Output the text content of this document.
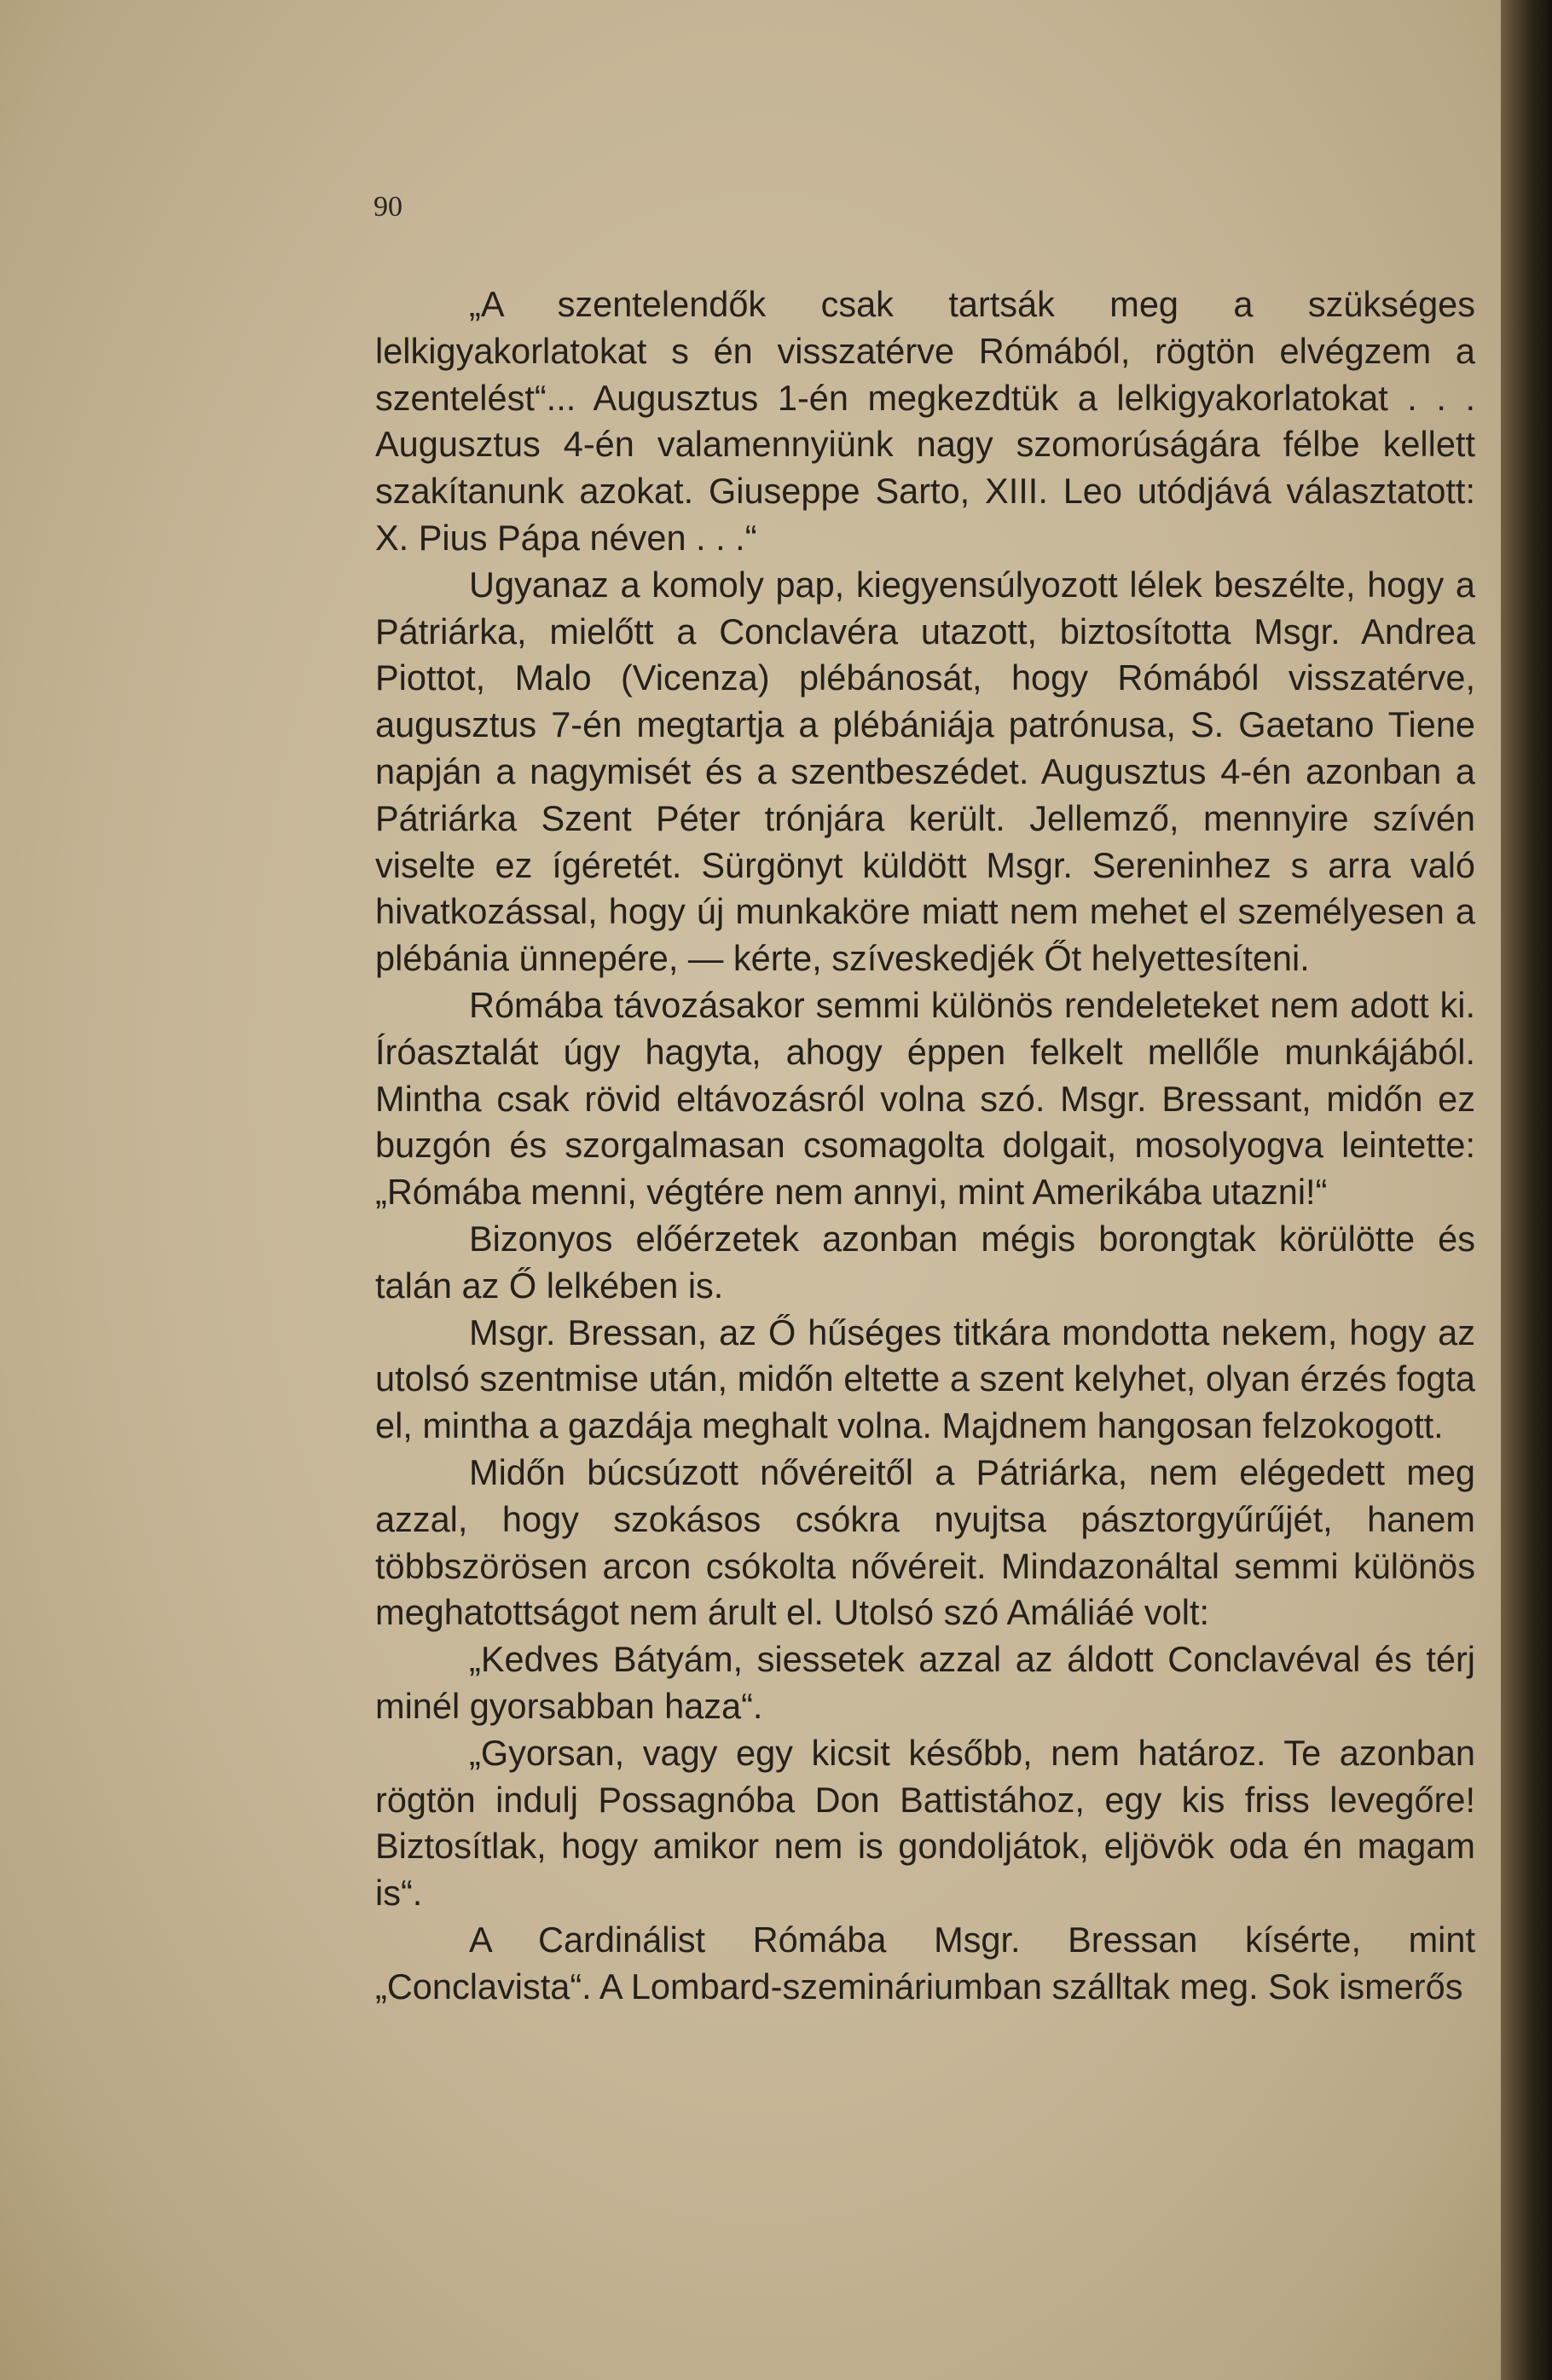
90

„A szentelendők csak tartsák meg a szükséges lelkigyakorlatokat s én visszatérve Rómából, rögtön elvégzem a szentelést“... Augusztus 1-én megkezdtük a lelkigyakorlatokat . . . Augusztus 4-én valamennyiünk nagy szomorúságára félbe kellett szakítanunk azokat. Giuseppe Sarto, XIII. Leo utódjává választatott: X. Pius Pápa néven . . .“

Ugyanaz a komoly pap, kiegyensúlyozott lélek beszélte, hogy a Pátriárka, mielőtt a Conclavéra utazott, biztosította Msgr. Andrea Piottot, Malo (Vicenza) plébánosát, hogy Rómából visszatérve, augusztus 7-én megtartja a plébániája patrónusa, S. Gaetano Tiene napján a nagymisét és a szentbeszédet. Augusztus 4-én azonban a Pátriárka Szent Péter trónjára került. Jellemző, mennyire szívén viselte ez ígéretét. Sürgönyt küldött Msgr. Sereninhez s arra való hivatkozással, hogy új munkaköre miatt nem mehet el személyesen a plébánia ünnepére, — kérte, szíveskedjék Őt helyettesíteni.

Rómába távozásakor semmi különös rendeleteket nem adott ki. Íróasztalát úgy hagyta, ahogy éppen felkelt mellőle munkájából. Mintha csak rövid eltávozásról volna szó. Msgr. Bressant, midőn ez buzgón és szorgalmasan csomagolta dolgait, mosolyogva leintette: „Rómába menni, végtére nem annyi, mint Amerikába utazni!“

Bizonyos előérzetek azonban mégis borongtak körülötte és talán az Ő lelkében is.

Msgr. Bressan, az Ő hűséges titkára mondotta nekem, hogy az utolsó szentmise után, midőn eltette a szent kelyhet, olyan érzés fogta el, mintha a gazdája meghalt volna. Majdnem hangosan felzokogott.

Midőn búcsúzott nővéreitől a Pátriárka, nem elégedett meg azzal, hogy szokásos csókra nyujtsa pásztorgyűrűjét, hanem többszörösen arcon csókolta nővéreit. Mindazonáltal semmi különös meghatottságot nem árult el. Utolsó szó Amáliáé volt:

„Kedves Bátyám, siessetek azzal az áldott Conclavéval és térj minél gyorsabban haza“.

„Gyorsan, vagy egy kicsit később, nem határoz. Te azonban rögtön indulj Possagnóba Don Battistához, egy kis friss levegőre! Biztosítlak, hogy amikor nem is gondoljátok, eljövök oda én magam is“.

A Cardinálist Rómába Msgr. Bressan kísérte, mint „Conclavista“. A Lombard-szemináriumban szálltak meg. Sok ismerős
